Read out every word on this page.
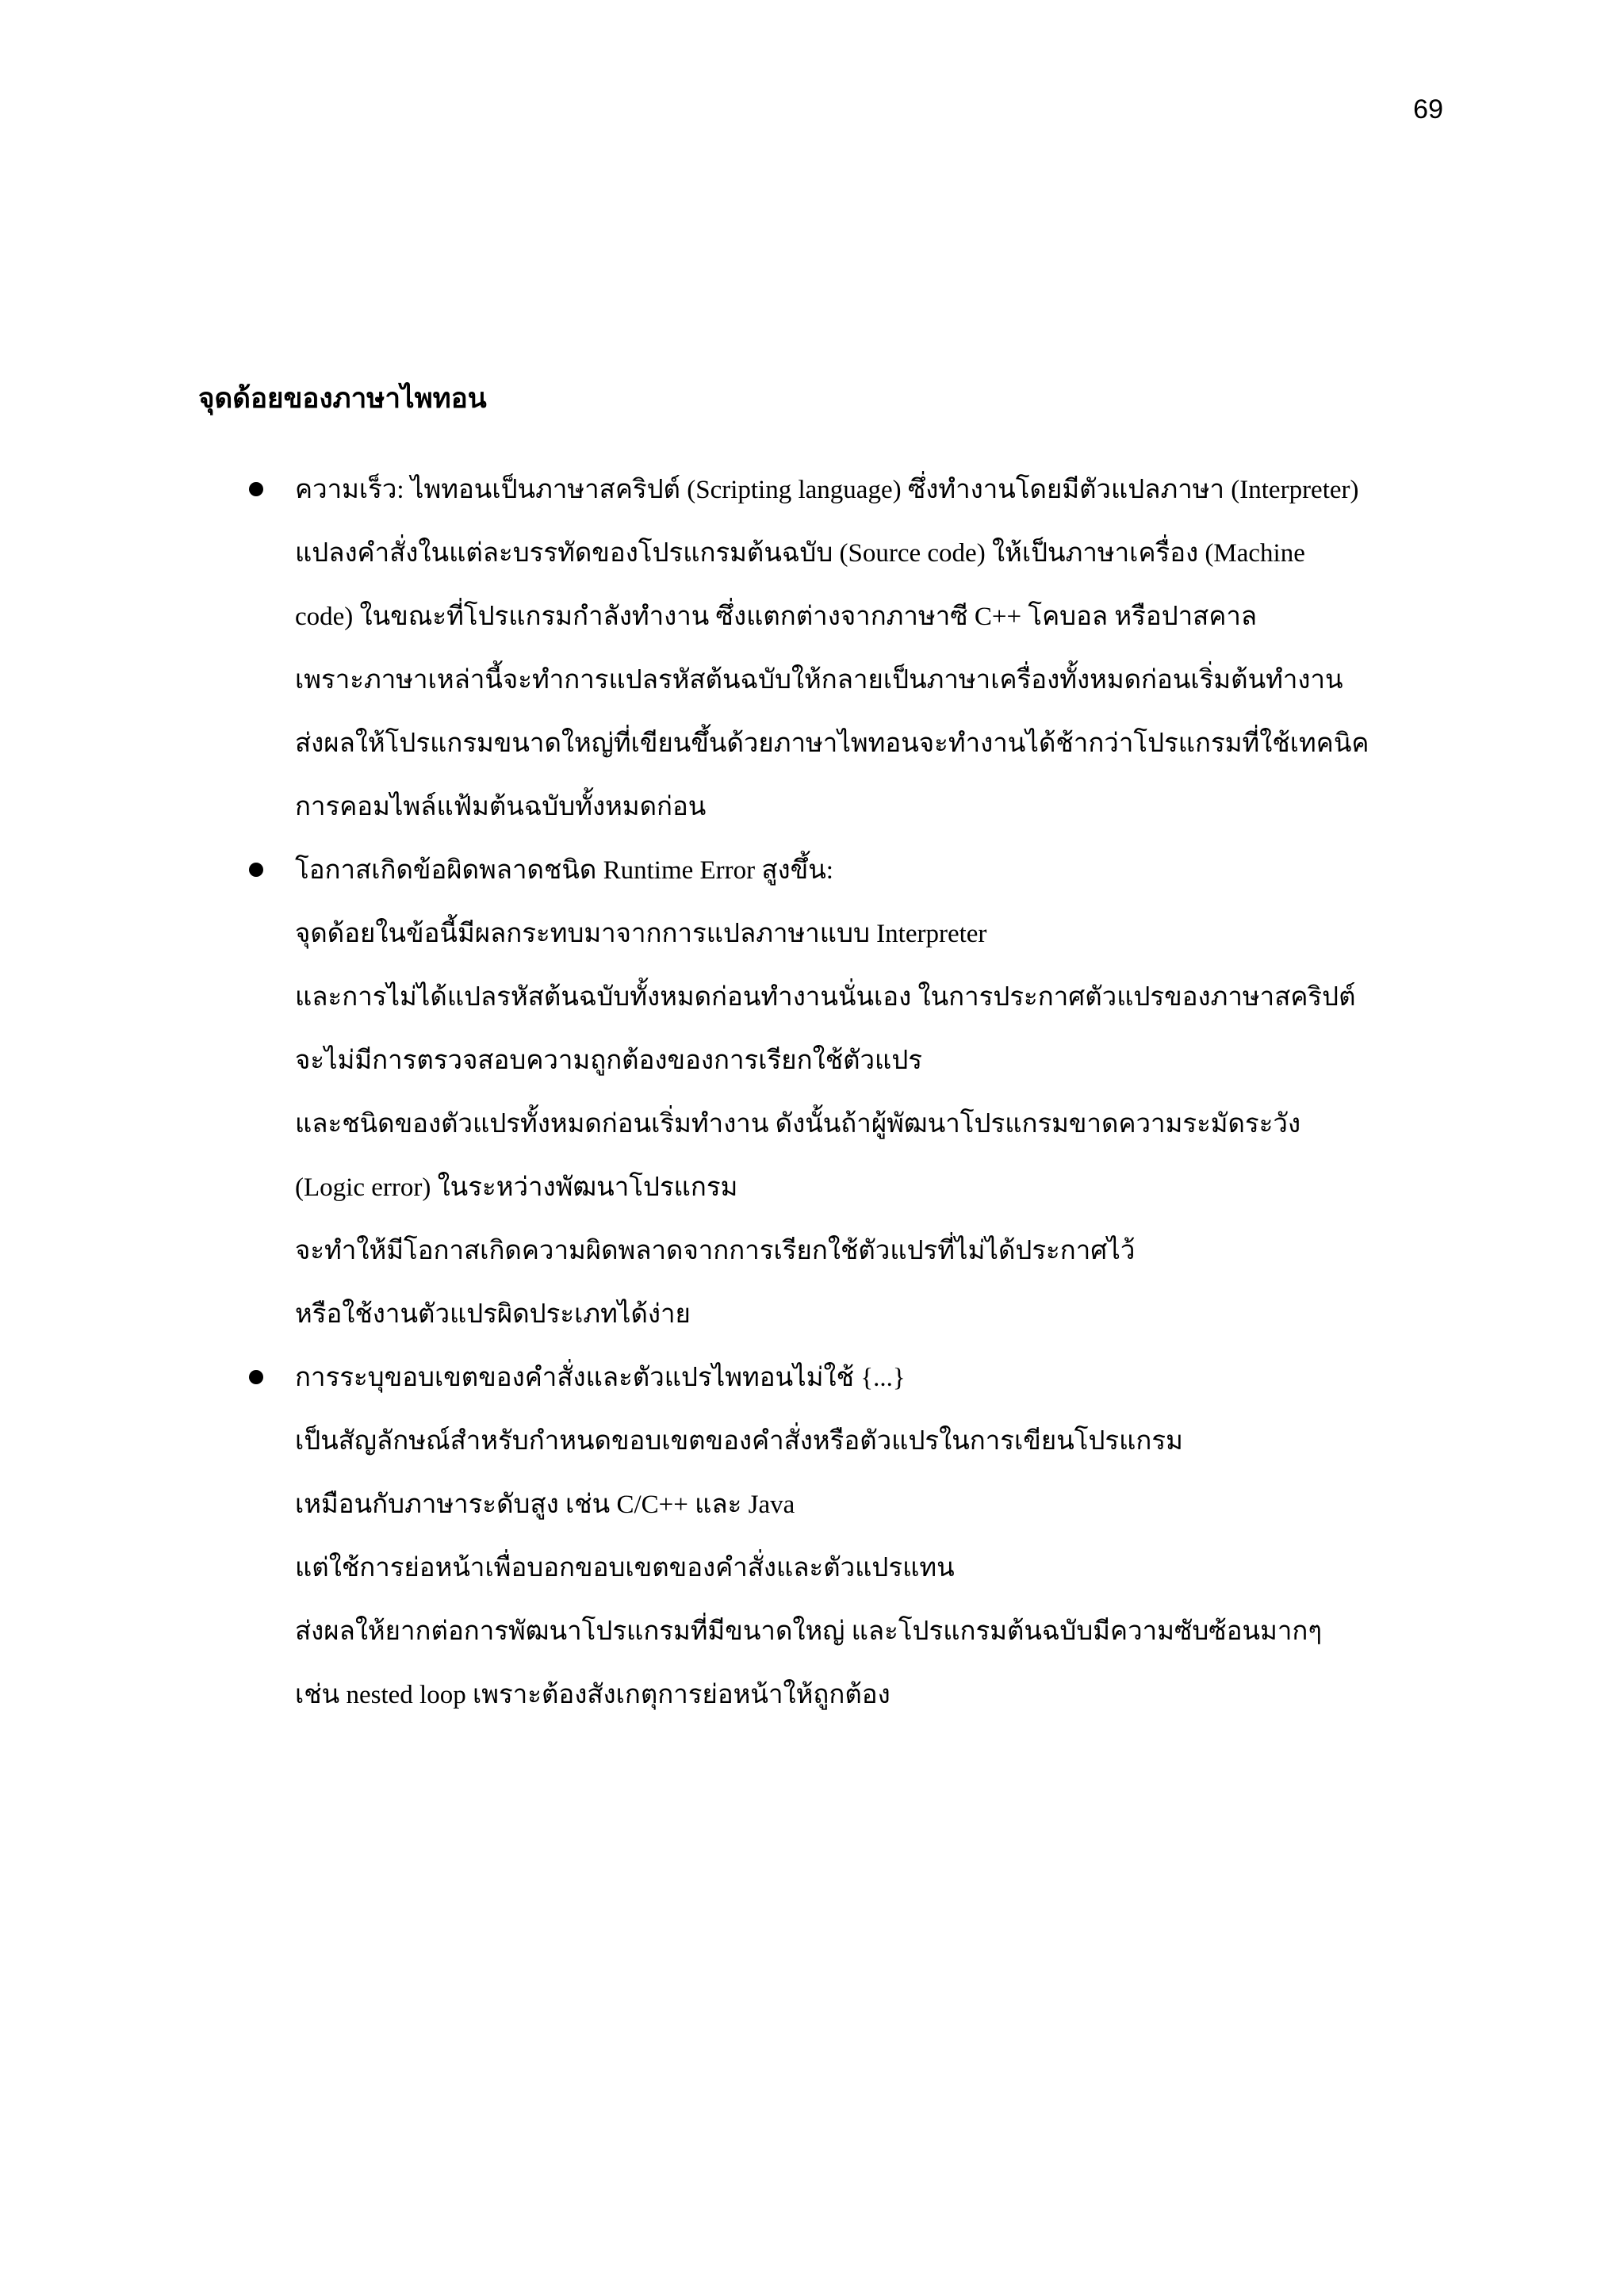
69
จุดด้อยของภาษาไพทอน
ความเร็ว: ไพทอนเป็นภาษาสคริปต์ (Scripting language) ซึ่งทำงานโดยมีตัวแปลภาษา (Interpreter)
แปลงคำสั่งในแต่ละบรรทัดของโปรแกรมต้นฉบับ (Source code) ให้เป็นภาษาเครื่อง (Machine
code) ในขณะที่โปรแกรมกำลังทำงาน ซึ่งแตกต่างจากภาษาซี C++ โคบอล หรือปาสคาล
เพราะภาษาเหล่านี้จะทำการแปลรหัสต้นฉบับให้กลายเป็นภาษาเครื่องทั้งหมดก่อนเริ่มต้นทำงาน
ส่งผลให้โปรแกรมขนาดใหญ่ที่เขียนขึ้นด้วยภาษาไพทอนจะทำงานได้ช้ากว่าโปรแกรมที่ใช้เทคนิค
การคอมไพล์แฟ้มต้นฉบับทั้งหมดก่อน
โอกาสเกิดข้อผิดพลาดชนิด Runtime Error สูงขึ้น:
จุดด้อยในข้อนี้มีผลกระทบมาจากการแปลภาษาแบบ Interpreter
และการไม่ได้แปลรหัสต้นฉบับทั้งหมดก่อนทำงานนั่นเอง ในการประกาศตัวแปรของภาษาสคริปต์
จะไม่มีการตรวจสอบความถูกต้องของการเรียกใช้ตัวแปร
และชนิดของตัวแปรทั้งหมดก่อนเริ่มทำงาน ดังนั้นถ้าผู้พัฒนาโปรแกรมขาดความระมัดระวัง
(Logic error) ในระหว่างพัฒนาโปรแกรม
จะทำให้มีโอกาสเกิดความผิดพลาดจากการเรียกใช้ตัวแปรที่ไม่ได้ประกาศไว้
หรือใช้งานตัวแปรผิดประเภทได้ง่าย
การระบุขอบเขตของคำสั่งและตัวแปรไพทอนไม่ใช้ {...}
เป็นสัญลักษณ์สำหรับกำหนดขอบเขตของคำสั่งหรือตัวแปรในการเขียนโปรแกรม
เหมือนกับภาษาระดับสูง เช่น C/C++ และ Java
แต่ใช้การย่อหน้าเพื่อบอกขอบเขตของคำสั่งและตัวแปรแทน
ส่งผลให้ยากต่อการพัฒนาโปรแกรมที่มีขนาดใหญ่ และโปรแกรมต้นฉบับมีความซับซ้อนมากๆ
เช่น nested loop เพราะต้องสังเกตุการย่อหน้าให้ถูกต้อง
